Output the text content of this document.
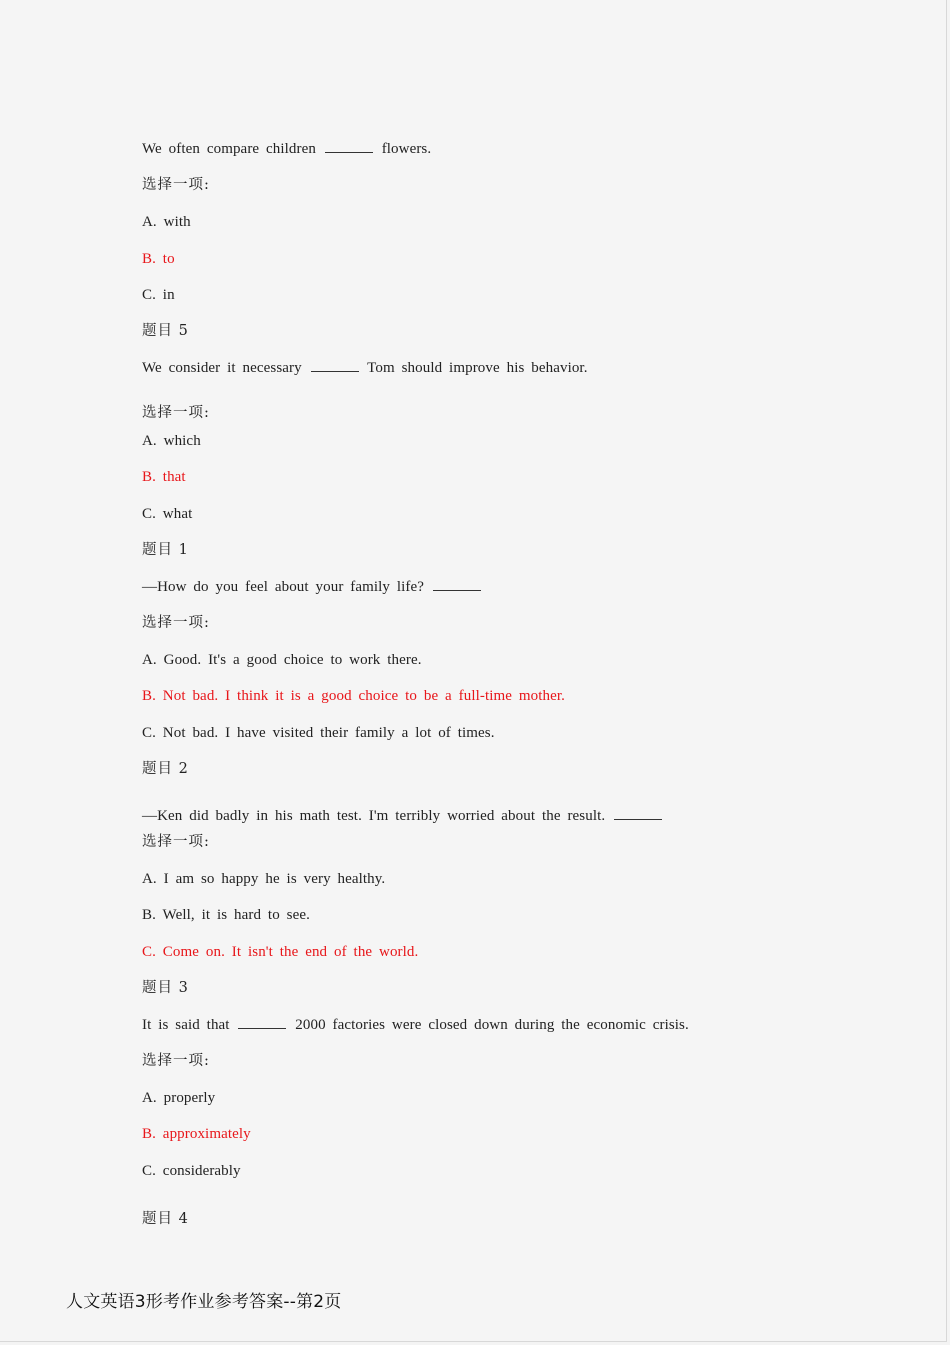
We often compare children	flowers.
选择一项:
A. with
B. to
C. in
题目 5
We consider it necessary	Tom should improve his behavior.
选择一项:
A. which
B. that
C. what
题目 1
—How do you feel about your family life?
选择一项:
A. Good. It's a good choice to work there.
B. Not bad. I think it is a good choice to be a full-time mother.
C. Not bad. I have visited their family a lot of times.
题目 2
—Ken did badly in his math test. I'm terribly worried about the result.
选择一项:
A. I am so happy he is very healthy.
B. Well, it is hard to see.
C. Come on. It isn't the end of the world.
题目 3
It is said that	2000 factories were closed down during the economic crisis.
选择一项:
A. properly
B. approximately
C. considerably
题目 4
人文英语3形考作业参考答案--第2页
